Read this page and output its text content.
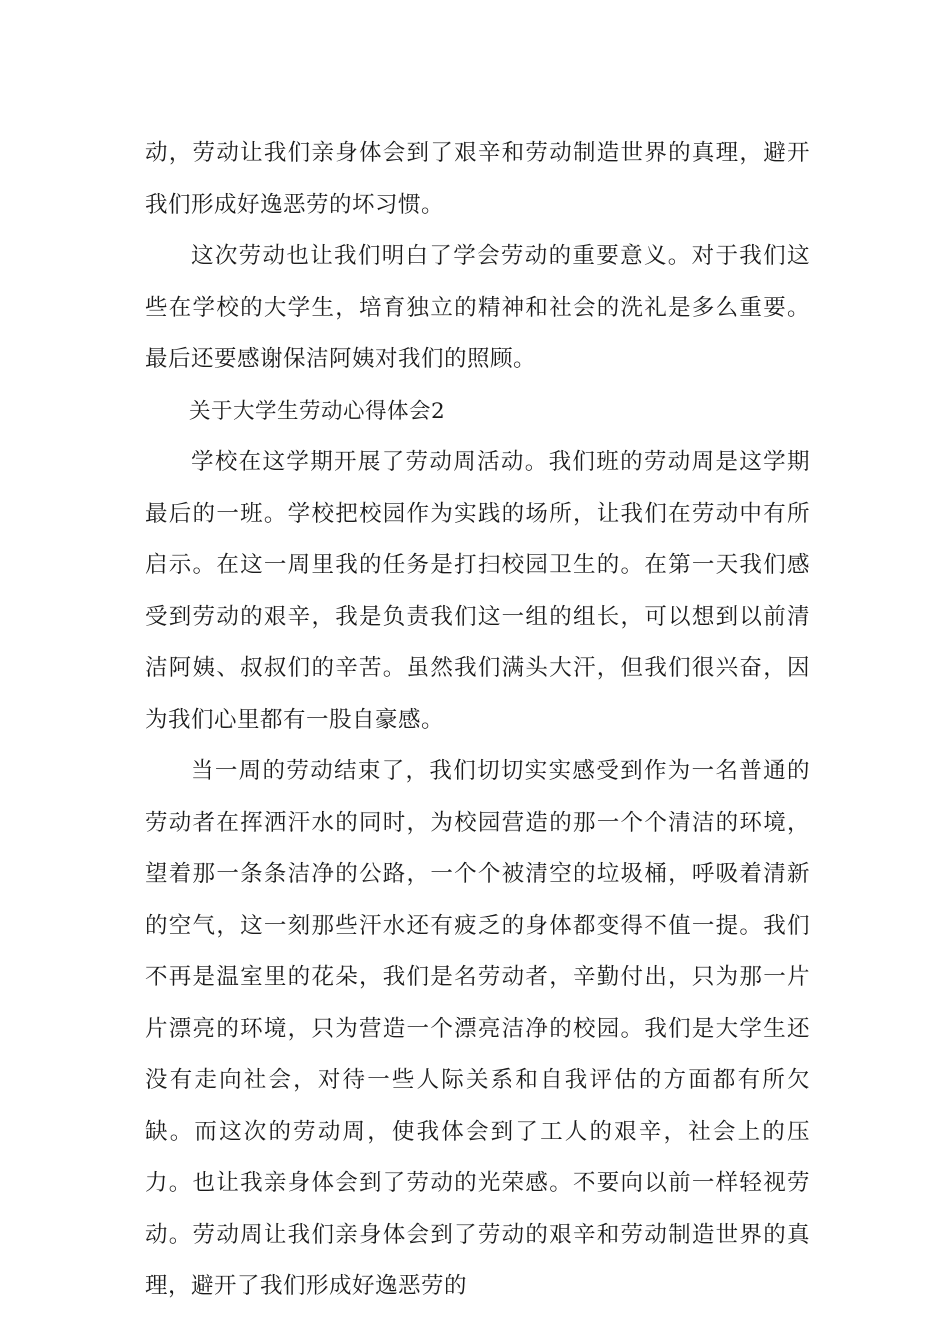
动，劳动让我们亲身体会到了艰辛和劳动制造世界的真理，避开我们形成好逸恶劳的坏习惯。

这次劳动也让我们明白了学会劳动的重要意义。对于我们这些在学校的大学生，培育独立的精神和社会的洗礼是多么重要。最后还要感谢保洁阿姨对我们的照顾。

关于大学生劳动心得体会2

学校在这学期开展了劳动周活动。我们班的劳动周是这学期最后的一班。学校把校园作为实践的场所，让我们在劳动中有所启示。在这一周里我的任务是打扫校园卫生的。在第一天我们感受到劳动的艰辛，我是负责我们这一组的组长，可以想到以前清洁阿姨、叔叔们的辛苦。虽然我们满头大汗，但我们很兴奋，因为我们心里都有一股自豪感。

当一周的劳动结束了，我们切切实实感受到作为一名普通的劳动者在挥洒汗水的同时，为校园营造的那一个个清洁的环境，望着那一条条洁净的公路，一个个被清空的垃圾桶，呼吸着清新的空气，这一刻那些汗水还有疲乏的身体都变得不值一提。我们不再是温室里的花朵，我们是名劳动者，辛勤付出，只为那一片片漂亮的环境，只为营造一个漂亮洁净的校园。我们是大学生还没有走向社会，对待一些人际关系和自我评估的方面都有所欠缺。而这次的劳动周，使我体会到了工人的艰辛，社会上的压力。也让我亲身体会到了劳动的光荣感。不要向以前一样轻视劳动。劳动周让我们亲身体会到了劳动的艰辛和劳动制造世界的真理，避开了我们形成好逸恶劳的
